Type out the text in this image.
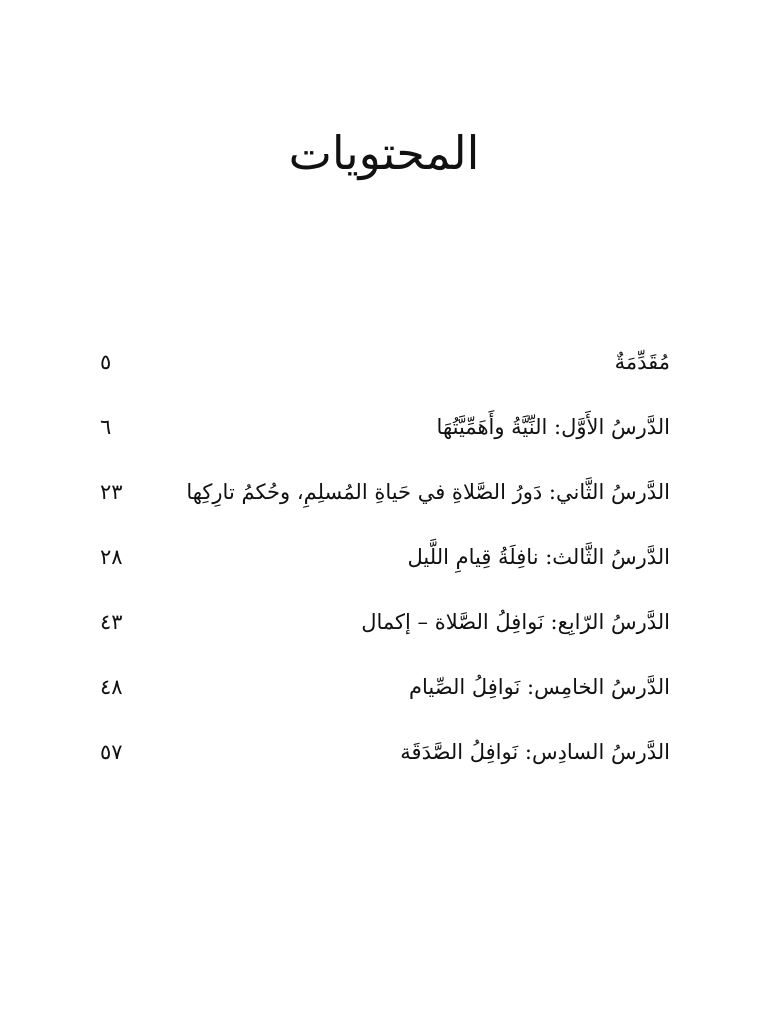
المحتويات
مُقَدِّمَةٌ
٥
الدَّرسُ الأَوَّل: النِّيَّةُ وأَهَمِّيَّتُهَا
٦
الدَّرسُ الثَّاني: دَورُ الصَّلاةِ في حَياةِ المُسلِمِ، وحُكمُ تارِكِها
٢٣
الدَّرسُ الثَّالث: نافِلَةُ قِيامِ اللَّيل
٢٨
الدَّرسُ الرّابِع: نَوافِلُ الصَّلاة – إكمال
٤٣
الدَّرسُ الخامِس: نَوافِلُ الصِّيام
٤٨
الدَّرسُ السادِس: نَوافِلُ الصَّدَقَة
٥٧
